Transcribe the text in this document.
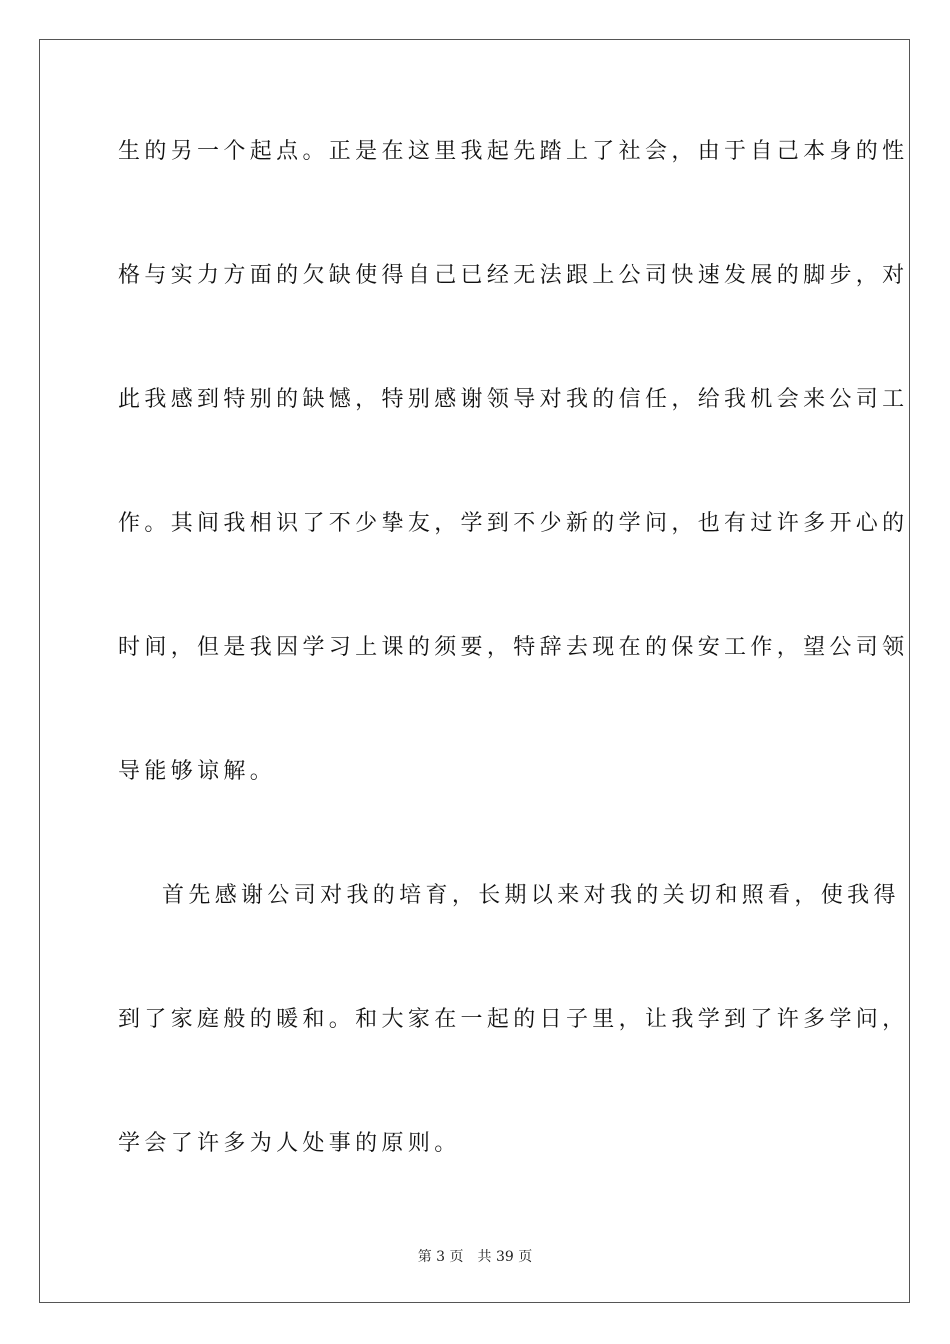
生的另一个起点。正是在这里我起先踏上了社会，由于自己本身的性
格与实力方面的欠缺使得自己已经无法跟上公司快速发展的脚步，对
此我感到特别的缺憾，特别感谢领导对我的信任，给我机会来公司工
作。其间我相识了不少挚友，学到不少新的学问，也有过许多开心的
时间，但是我因学习上课的须要，特辞去现在的保安工作，望公司领
导能够谅解。
首先感谢公司对我的培育，长期以来对我的关切和照看，使我得
到了家庭般的暖和。和大家在一起的日子里，让我学到了许多学问，
学会了许多为人处事的原则。
第 3 页　共 39 页
